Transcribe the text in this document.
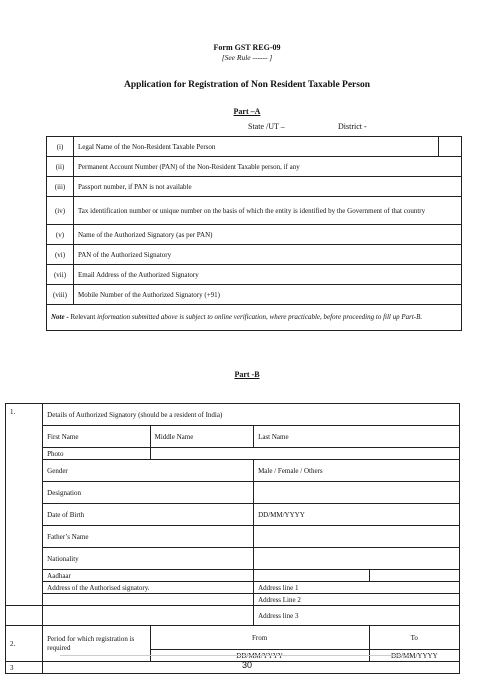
Form GST REG-09
[See Rule ------ ]
Application for Registration of Non Resident Taxable Person
Part –A
State /UT –	District -
(i)	Legal Name of the Non-Resident Taxable Person	
(ii)	Permanent Account Number (PAN) of the Non-Resident Taxable person, if any	
(iii)	Passport number, if PAN is not available	
(iv)	Tax identification number or unique number on the basis of which the entity is identified by the Government of that country	
(v)	Name of the Authorized Signatory (as per PAN)	
(vi)	PAN of the Authorized Signatory	
(vii)	Email Address of the Authorized Signatory	
(viii)	Mobile Number of the Authorized Signatory (+91)	
Note - Relevant information submitted above is subject to online verification, where practicable, before proceeding to fill up Part-B.		
Part -B
1.	Details of Authorized Signatory (should be a resident of India)			
	First Name	Middle Name	Last Name	
	Photo			
	Gender		Male / Female / Others	
	Designation			
	Date of Birth		DD/MM/YYYY	
	Father’s Name			
	Nationality			
	Aadhaar			
	Address of the Authorised signatory.		Address line 1	
			Address Line 2	
			Address line 3	
2.	Period for which registration is required	From		To
		DD/MM/YYYY		DD/MM/YYYY
3					30
